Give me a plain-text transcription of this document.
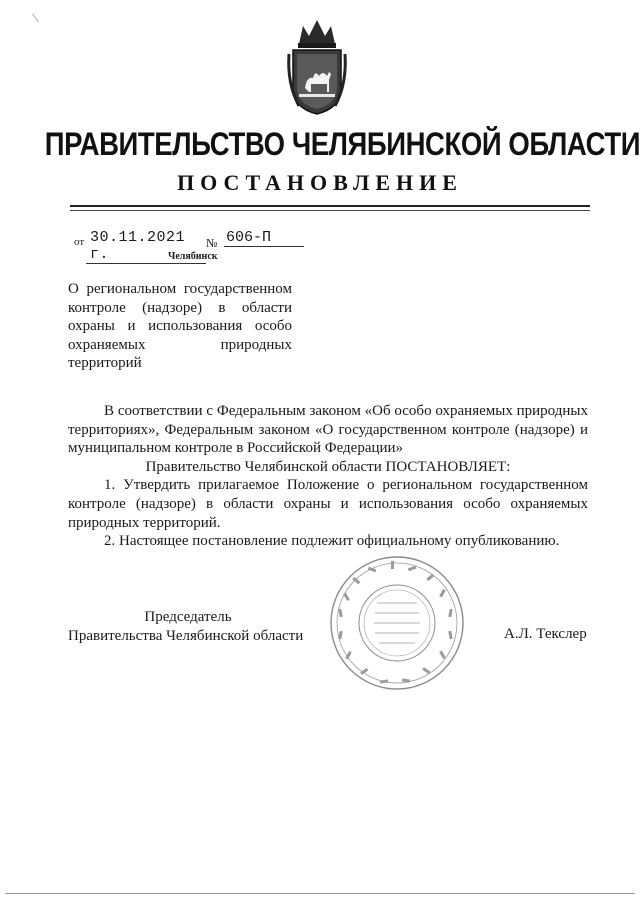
ПРАВИТЕЛЬСТВО ЧЕЛЯБИНСКОЙ ОБЛАСТИ
ПОСТАНОВЛЕНИЕ
от 30.11.2021 г.
№ 606-П
Челябинск
О региональном государственном контроле (надзоре) в области охраны и использования особо охраняемых природных территорий

В соответствии с Федеральным законом «Об особо охраняемых природных территориях», Федеральным законом «О государственном контроле (надзоре) и муниципальном контроле в Российской Федерации»

Правительство Челябинской области ПОСТАНОВЛЯЕТ:

1. Утвердить прилагаемое Положение о региональном государственном контроле (надзоре) в области охраны и использования особо охраняемых природных территорий.

2. Настоящее постановление подлежит официальному опубликованию.

Председатель
Правительства Челябинской области	А.Л. Текслер
